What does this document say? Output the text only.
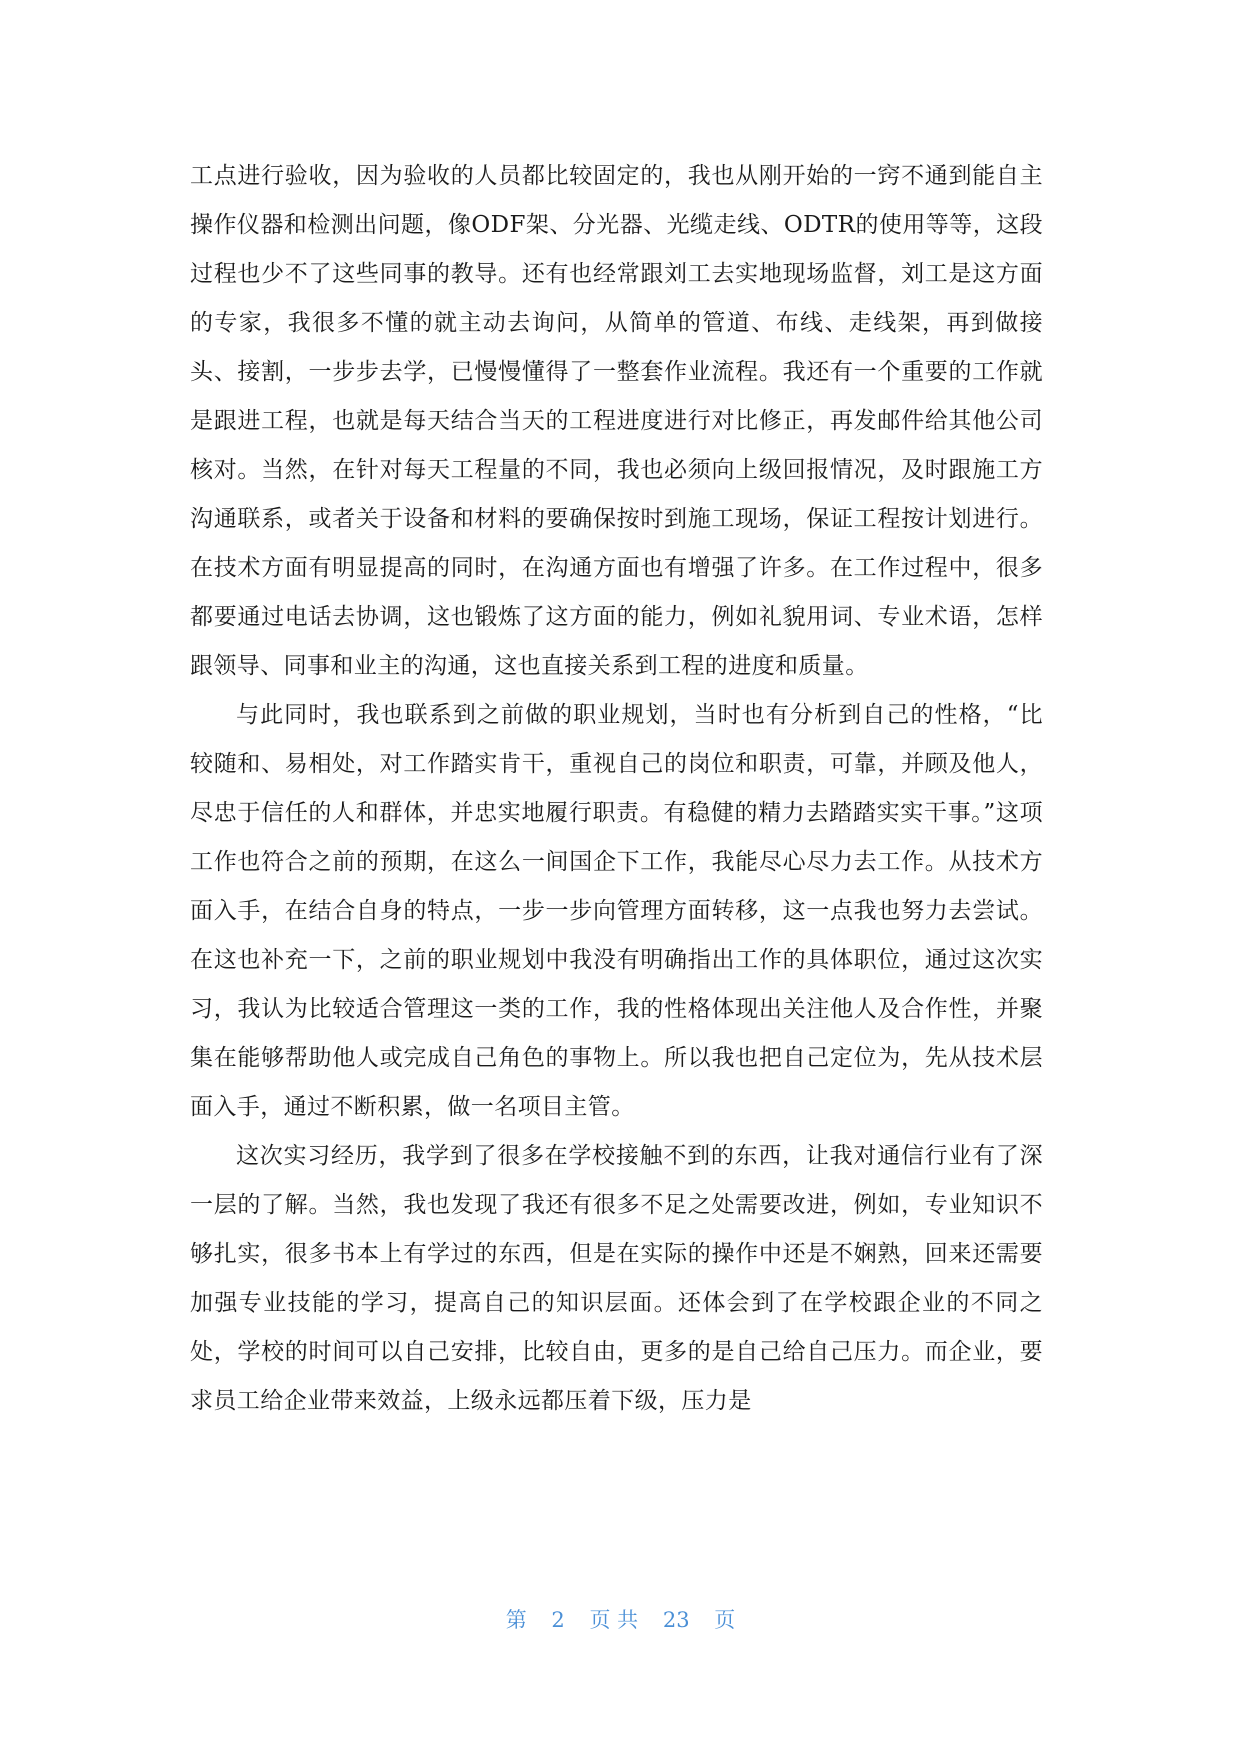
工点进行验收，因为验收的人员都比较固定的，我也从刚开始的一窍不通到能自主操作仪器和检测出问题，像ODF架、分光器、光缆走线、ODTR的使用等等，这段过程也少不了这些同事的教导。还有也经常跟刘工去实地现场监督，刘工是这方面的专家，我很多不懂的就主动去询问，从简单的管道、布线、走线架，再到做接头、接割，一步步去学，已慢慢懂得了一整套作业流程。我还有一个重要的工作就是跟进工程，也就是每天结合当天的工程进度进行对比修正，再发邮件给其他公司核对。当然，在针对每天工程量的不同，我也必须向上级回报情况，及时跟施工方沟通联系，或者关于设备和材料的要确保按时到施工现场，保证工程按计划进行。在技术方面有明显提高的同时，在沟通方面也有增强了许多。在工作过程中，很多都要通过电话去协调，这也锻炼了这方面的能力，例如礼貌用词、专业术语，怎样跟领导、同事和业主的沟通，这也直接关系到工程的进度和质量。

与此同时，我也联系到之前做的职业规划，当时也有分析到自己的性格，“比较随和、易相处，对工作踏实肯干，重视自己的岗位和职责，可靠，并顾及他人，尽忠于信任的人和群体，并忠实地履行职责。有稳健的精力去踏踏实实干事。”这项工作也符合之前的预期，在这么一间国企下工作，我能尽心尽力去工作。从技术方面入手，在结合自身的特点，一步一步向管理方面转移，这一点我也努力去尝试。在这也补充一下，之前的职业规划中我没有明确指出工作的具体职位，通过这次实习，我认为比较适合管理这一类的工作，我的性格体现出关注他人及合作性，并聚集在能够帮助他人或完成自己角色的事物上。所以我也把自己定位为，先从技术层面入手，通过不断积累，做一名项目主管。

这次实习经历，我学到了很多在学校接触不到的东西，让我对通信行业有了深一层的了解。当然，我也发现了我还有很多不足之处需要改进，例如，专业知识不够扎实，很多书本上有学过的东西，但是在实际的操作中还是不娴熟，回来还需要加强专业技能的学习，提高自己的知识层面。还体会到了在学校跟企业的不同之处，学校的时间可以自己安排，比较自由，更多的是自己给自己压力。而企业，要求员工给企业带来效益，上级永远都压着下级，压力是

第 2 页 共 23 页
